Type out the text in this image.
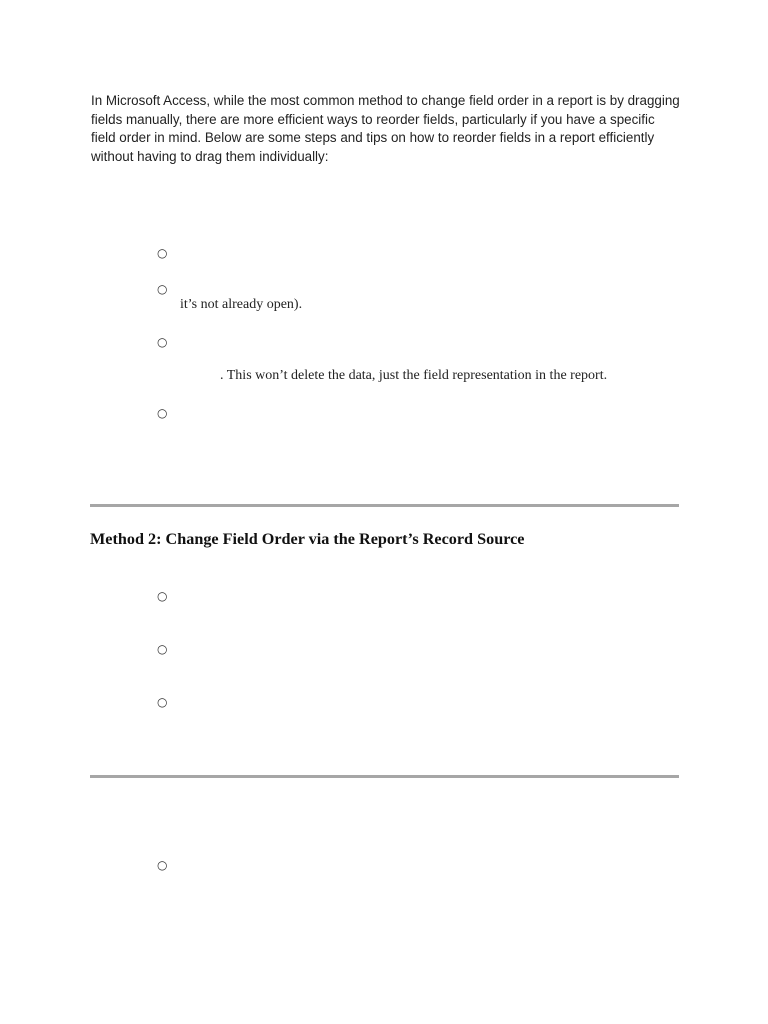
In Microsoft Access, while the most common method to change field order in a report is by dragging fields manually, there are more efficient ways to reorder fields, particularly if you have a specific field order in mind. Below are some steps and tips on how to reorder fields in a report efficiently without having to drag them individually:

○
○
it’s not already open).
○
. This won’t delete the data, just the field representation in the report.
○
Method 2: Change Field Order via the Report’s Record Source
○
○
○
○
